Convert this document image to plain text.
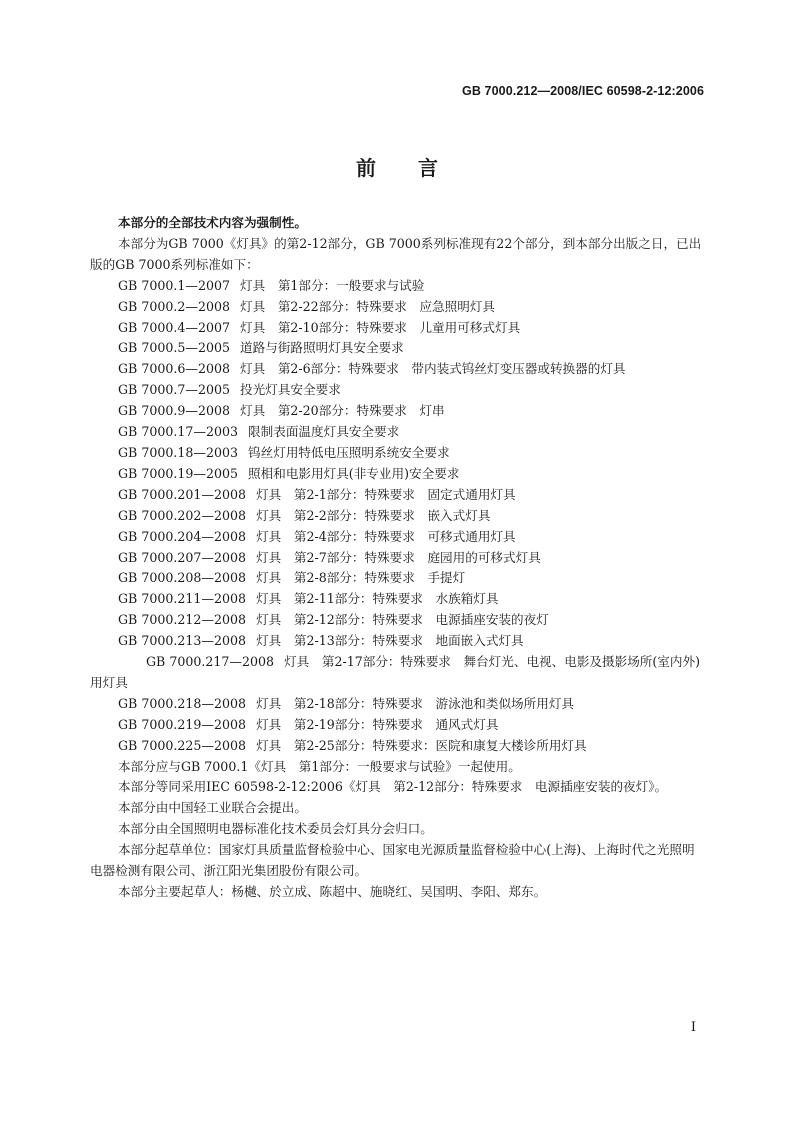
GB 7000.212—2008/IEC 60598-2-12:2006
前言

本部分的全部技术内容为强制性。

本部分为GB 7000《灯具》的第2-12部分，GB 7000系列标准现有22个部分，到本部分出版之日，已出版的GB 7000系列标准如下：

GB 7000.1—2007 灯具　第1部分：一般要求与试验

GB 7000.2—2008 灯具　第2-22部分：特殊要求　应急照明灯具

GB 7000.4—2007 灯具　第2-10部分：特殊要求　儿童用可移式灯具

GB 7000.5—2005 道路与街路照明灯具安全要求

GB 7000.6—2008 灯具　第2-6部分：特殊要求　带内装式钨丝灯变压器或转换器的灯具

GB 7000.7—2005 投光灯具安全要求

GB 7000.9—2008 灯具　第2-20部分：特殊要求　灯串

GB 7000.17—2003 限制表面温度灯具安全要求

GB 7000.18—2003 钨丝灯用特低电压照明系统安全要求

GB 7000.19—2005 照相和电影用灯具(非专业用)安全要求

GB 7000.201—2008 灯具　第2-1部分：特殊要求　固定式通用灯具

GB 7000.202—2008 灯具　第2-2部分：特殊要求　嵌入式灯具

GB 7000.204—2008 灯具　第2-4部分：特殊要求　可移式通用灯具

GB 7000.207—2008 灯具　第2-7部分：特殊要求　庭园用的可移式灯具

GB 7000.208—2008 灯具　第2-8部分：特殊要求　手提灯

GB 7000.211—2008 灯具　第2-11部分：特殊要求　水族箱灯具

GB 7000.212—2008 灯具　第2-12部分：特殊要求　电源插座安装的夜灯

GB 7000.213—2008 灯具　第2-13部分：特殊要求　地面嵌入式灯具

GB 7000.217—2008 灯具　第2-17部分：特殊要求　舞台灯光、电视、电影及摄影场所(室内外)用灯具

GB 7000.218—2008 灯具　第2-18部分：特殊要求　游泳池和类似场所用灯具

GB 7000.219—2008 灯具　第2-19部分：特殊要求　通风式灯具

GB 7000.225—2008 灯具　第2-25部分：特殊要求：医院和康复大楼诊所用灯具

本部分应与GB 7000.1《灯具　第1部分：一般要求与试验》一起使用。

本部分等同采用IEC 60598-2-12:2006《灯具　第2-12部分：特殊要求　电源插座安装的夜灯》。

本部分由中国轻工业联合会提出。

本部分由全国照明电器标准化技术委员会灯具分会归口。

本部分起草单位：国家灯具质量监督检验中心、国家电光源质量监督检验中心(上海)、上海时代之光照明电器检测有限公司、浙江阳光集团股份有限公司。

本部分主要起草人：杨樾、於立成、陈超中、施晓红、吴国明、李阳、郑东。

I
